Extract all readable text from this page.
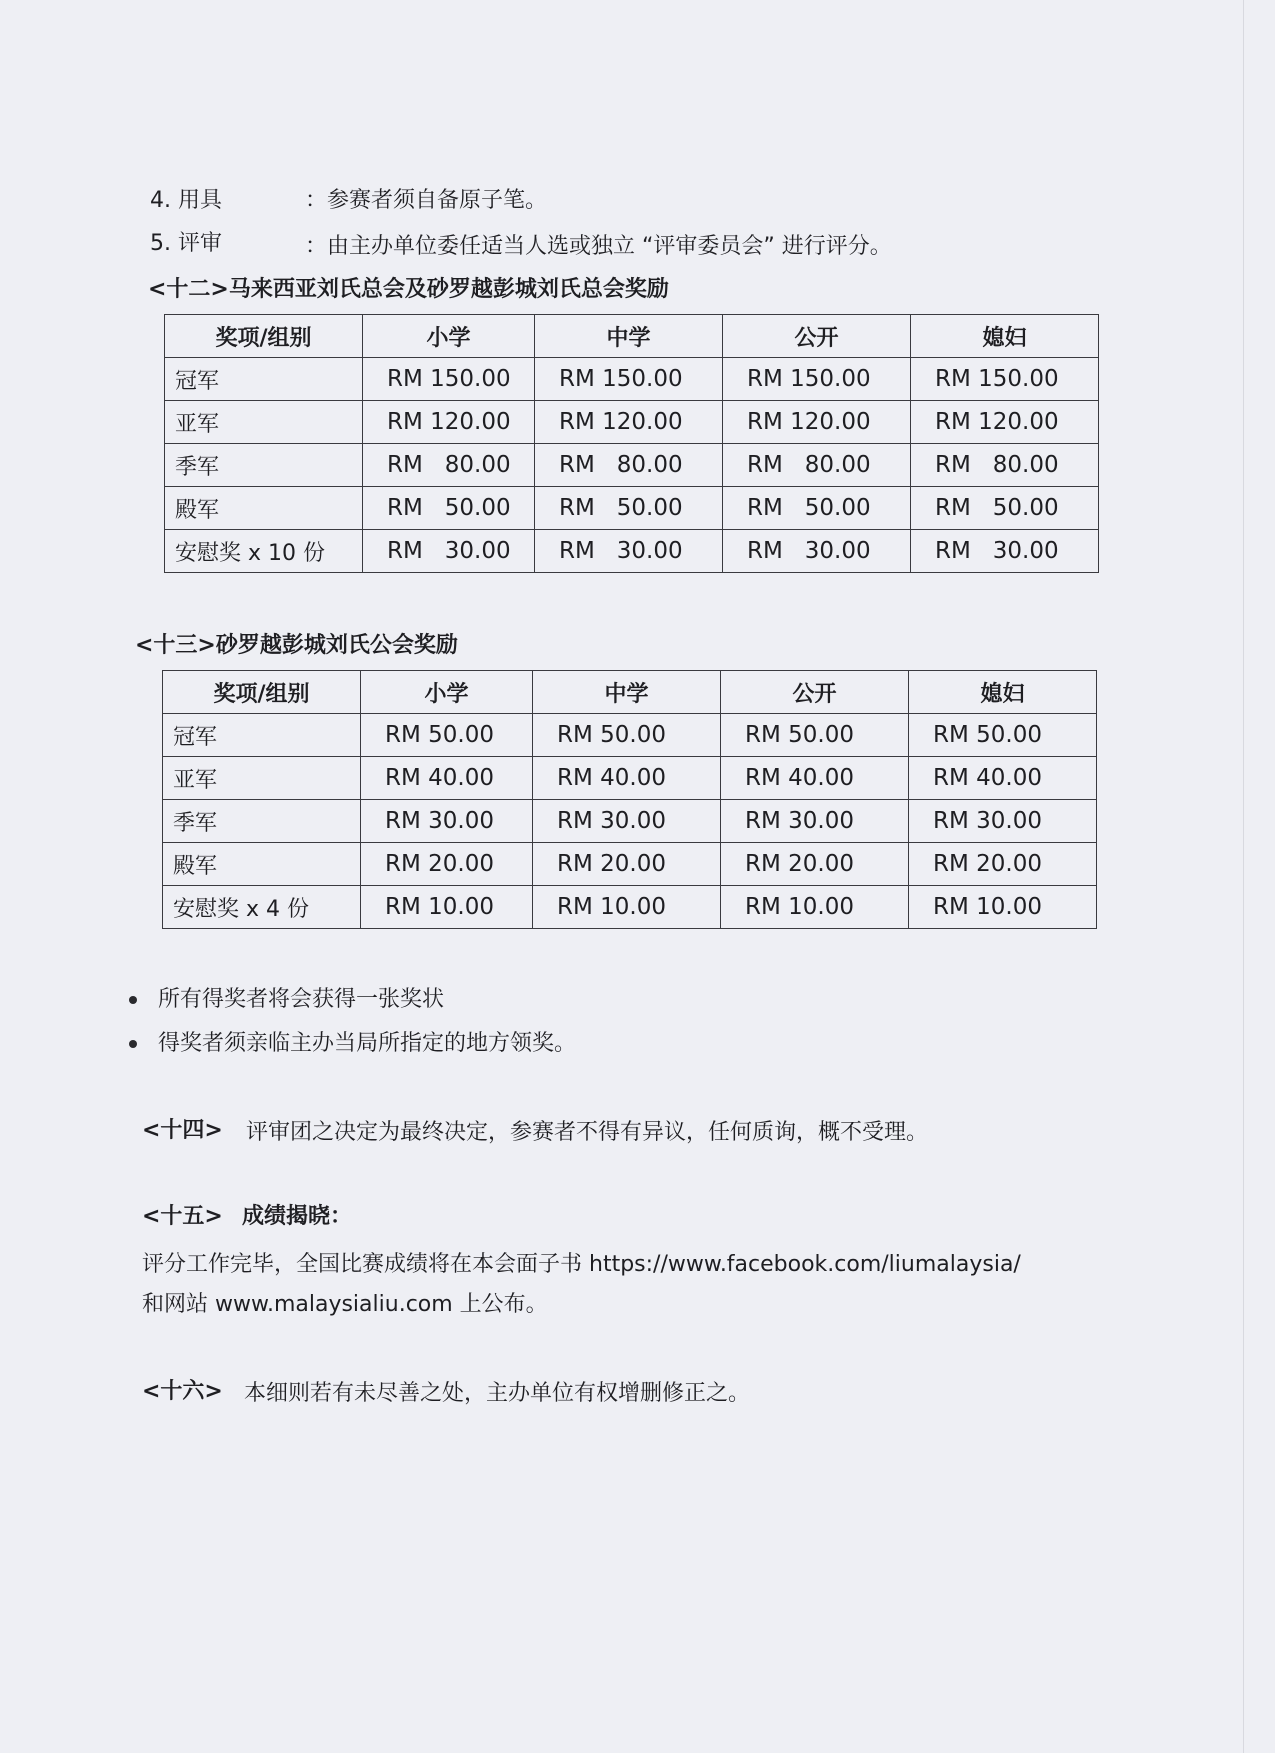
4. 用具	：参赛者须自备原子笔。
5. 评审	：由主办单位委任适当人选或独立 “评审委员会” 进行评分。
<十二>马来西亚刘氏总会及砂罗越彭城刘氏总会奖励
奖项/组别	小学	中学	公开	媳妇
冠军	RM 150.00	RM 150.00	RM 150.00	RM 150.00
亚军	RM 120.00	RM 120.00	RM 120.00	RM 120.00
季军	RM   80.00	RM   80.00	RM   80.00	RM   80.00
殿军	RM   50.00	RM   50.00	RM   50.00	RM   50.00
安慰奖 x 10 份	RM   30.00	RM   30.00	RM   30.00	RM   30.00
<十三>砂罗越彭城刘氏公会奖励
奖项/组别	小学	中学	公开	媳妇
冠军	RM 50.00	RM 50.00	RM 50.00	RM 50.00
亚军	RM 40.00	RM 40.00	RM 40.00	RM 40.00
季军	RM 30.00	RM 30.00	RM 30.00	RM 30.00
殿军	RM 20.00	RM 20.00	RM 20.00	RM 20.00
安慰奖 x 4 份	RM 10.00	RM 10.00	RM 10.00	RM 10.00
所有得奖者将会获得一张奖状
得奖者须亲临主办当局所指定的地方领奖。
<十四> 评审团之决定为最终决定，参赛者不得有异议，任何质询，概不受理。
<十五> 成绩揭晓：
评分工作完毕，全国比赛成绩将在本会面子书 https://www.facebook.com/liumalaysia/
和网站 www.malaysialiu.com 上公布。
<十六> 本细则若有未尽善之处，主办单位有权增删修正之。
